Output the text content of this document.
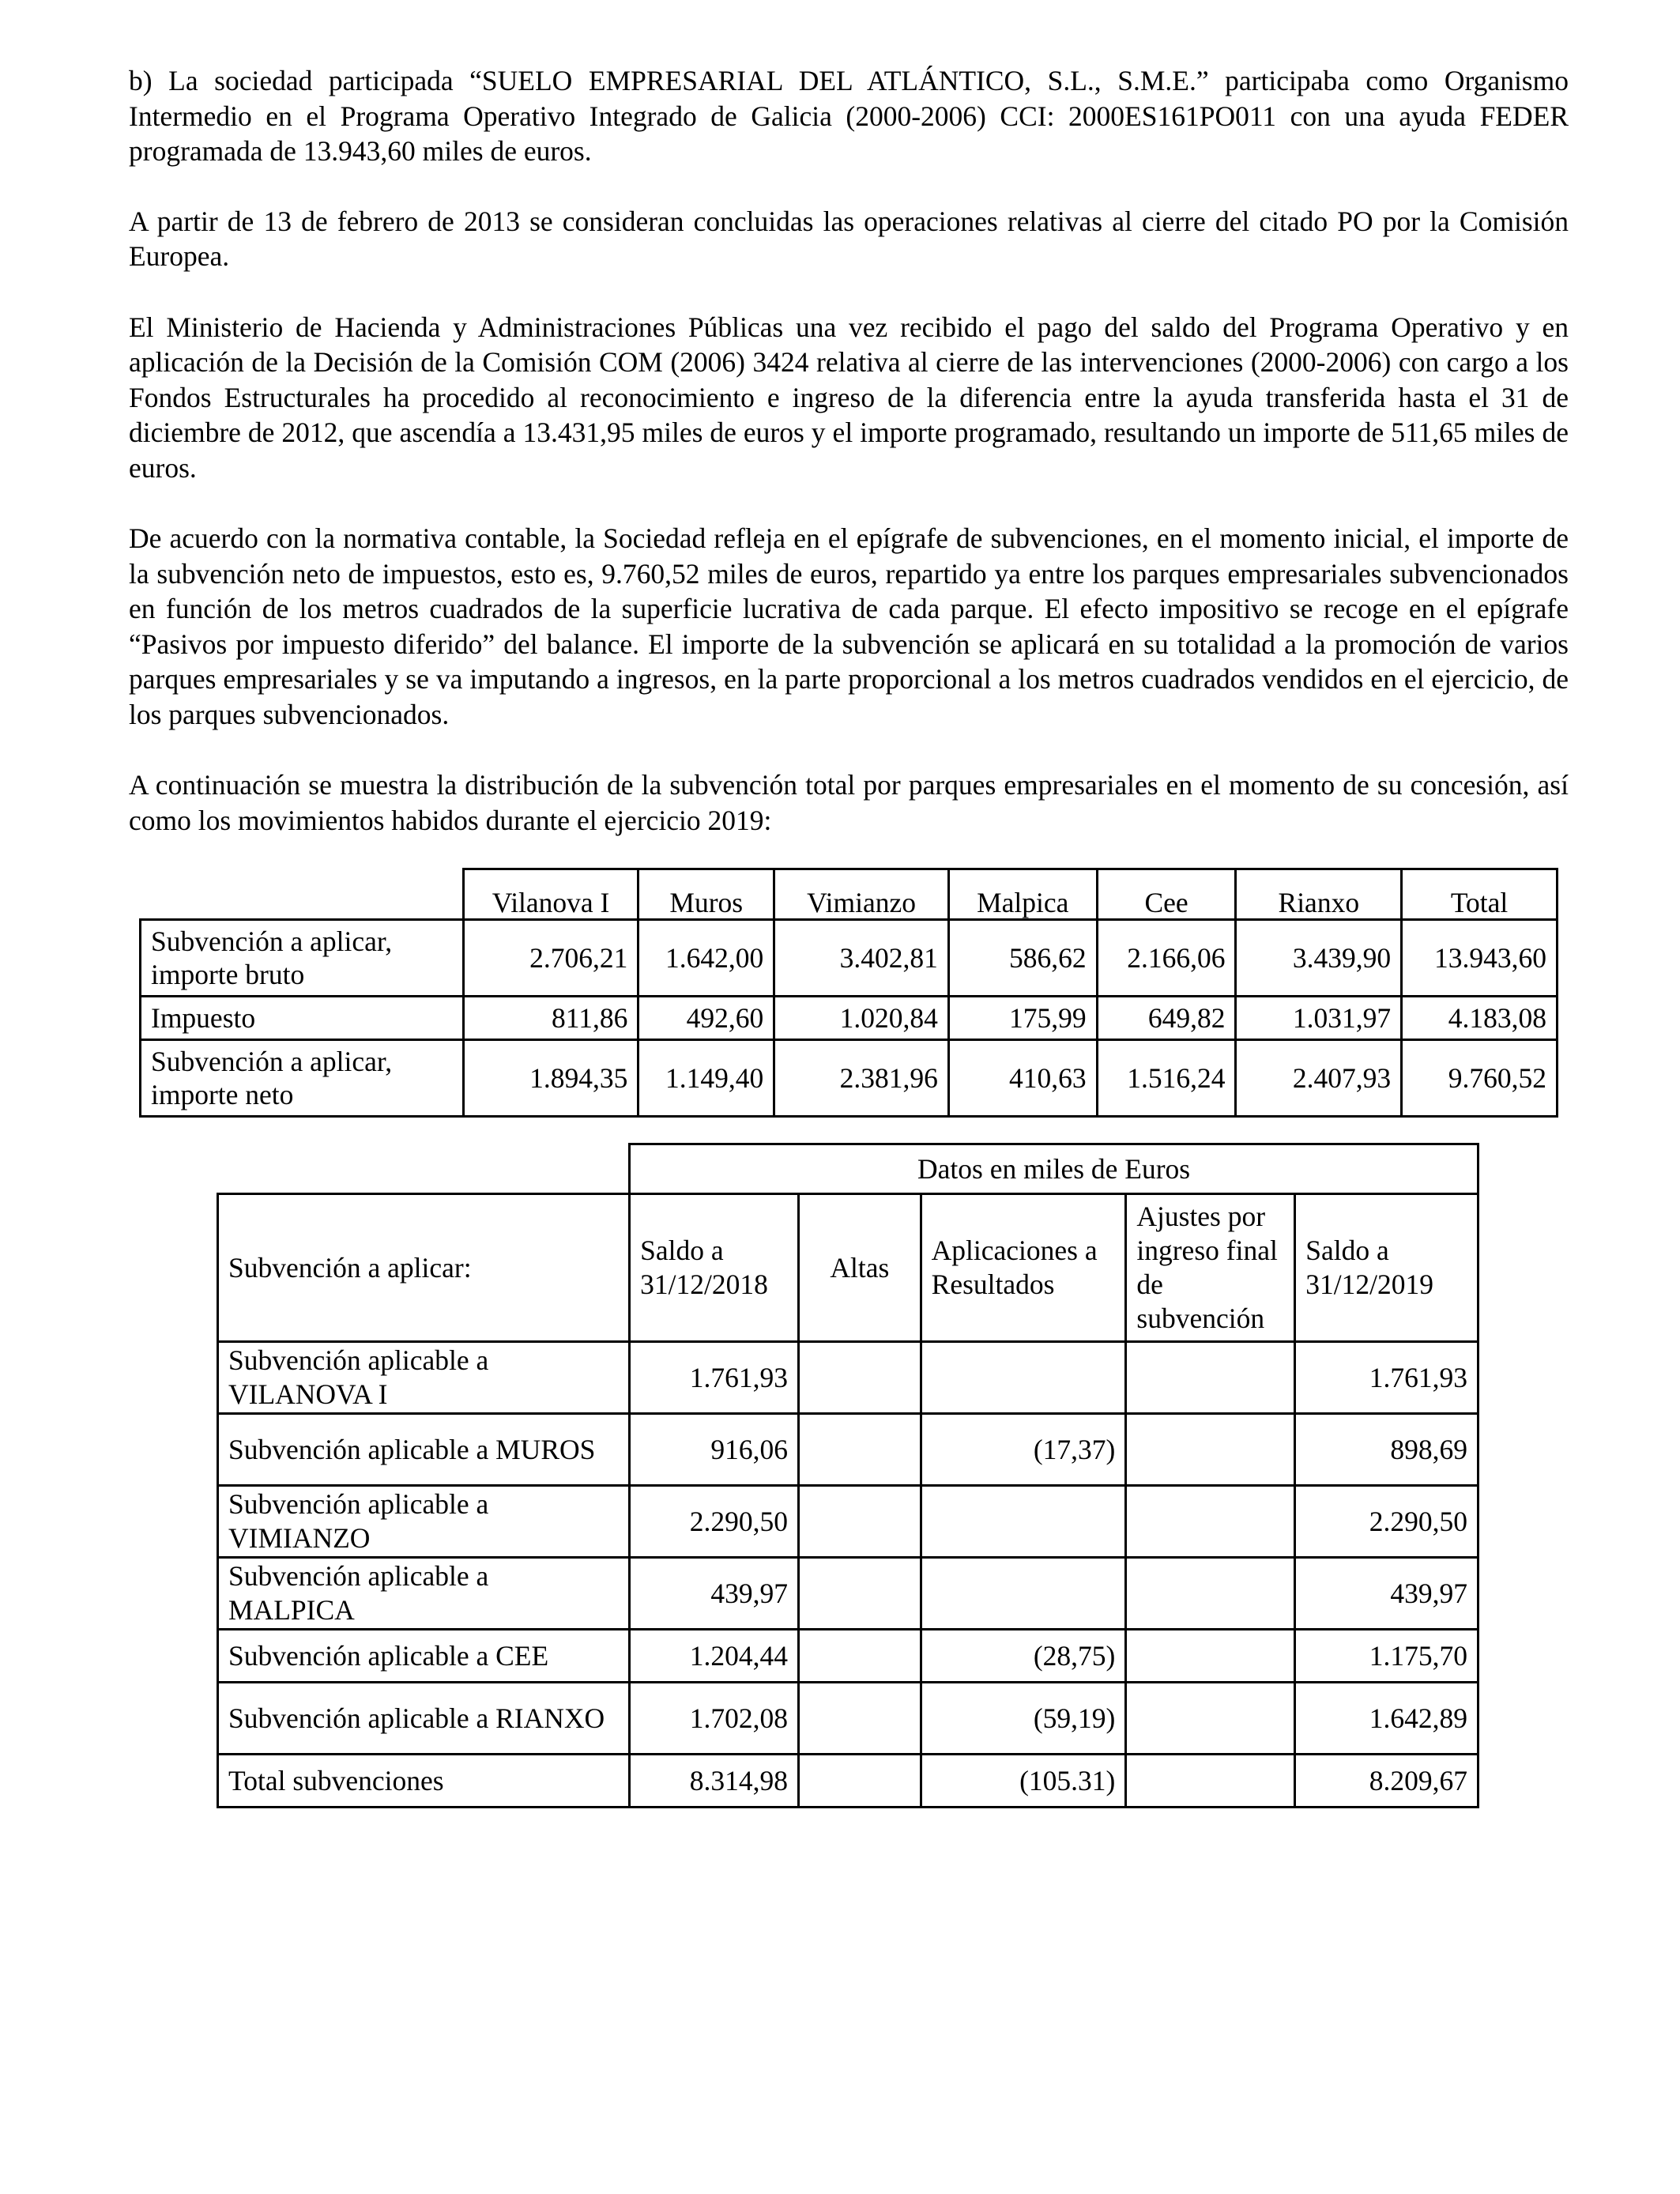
b) La sociedad participada “SUELO EMPRESARIAL DEL ATLÁNTICO, S.L., S.M.E.” participaba como Organismo Intermedio en el Programa Operativo Integrado de Galicia (2000-2006) CCI: 2000ES161PO011 con una ayuda FEDER programada de 13.943,60 miles de euros.

A partir de 13 de febrero de 2013 se consideran concluidas las operaciones relativas al cierre del citado PO por la Comisión Europea.

El Ministerio de Hacienda y Administraciones Públicas una vez recibido el pago del saldo del Programa Operativo y en aplicación de la Decisión de la Comisión COM (2006) 3424 relativa al cierre de las intervenciones (2000-2006) con cargo a los Fondos Estructurales ha procedido al reconocimiento e ingreso de la diferencia entre la ayuda transferida hasta el 31 de diciembre de 2012, que ascendía a 13.431,95 miles de euros y el importe programado, resultando un importe de 511,65 miles de euros.

De acuerdo con la normativa contable, la Sociedad refleja en el epígrafe de subvenciones, en el momento inicial, el importe de la subvención neto de impuestos, esto es, 9.760,52 miles de euros, repartido ya entre los parques empresariales subvencionados en función de los metros cuadrados de la superficie lucrativa de cada parque. El efecto impositivo se recoge en el epígrafe “Pasivos por impuesto diferido” del balance. El importe de la subvención se aplicará en su totalidad a la promoción de varios parques empresariales y se va imputando a ingresos, en la parte proporcional a los metros cuadrados vendidos en el ejercicio, de los parques subvencionados.

A continuación se muestra la distribución de la subvención total por parques empresariales en el momento de su concesión, así como los movimientos habidos durante el ejercicio 2019:

	Vilanova I	Muros	Vimianzo	Malpica	Cee	Rianxo	Total
Subvención a aplicar, importe bruto	2.706,21	1.642,00	3.402,81	586,62	2.166,06	3.439,90	13.943,60
Impuesto	811,86	492,60	1.020,84	175,99	649,82	1.031,97	4.183,08
Subvención a aplicar, importe neto	1.894,35	1.149,40	2.381,96	410,63	1.516,24	2.407,93	9.760,52
	Datos en miles de Euros				
Subvención a aplicar:	Saldo a 31/12/2018	Altas	Aplicaciones a Resultados	Ajustes por ingreso final de subvención	Saldo a 31/12/2019
Subvención aplicable a VILANOVA I	1.761,93				1.761,93
Subvención aplicable a MUROS	916,06		(17,37)		898,69
Subvención aplicable a VIMIANZO	2.290,50				2.290,50
Subvención aplicable a MALPICA	439,97				439,97
Subvención aplicable a CEE	1.204,44		(28,75)		1.175,70
Subvención aplicable a RIANXO	1.702,08		(59,19)		1.642,89
Total subvenciones	8.314,98		(105.31)		8.209,67
